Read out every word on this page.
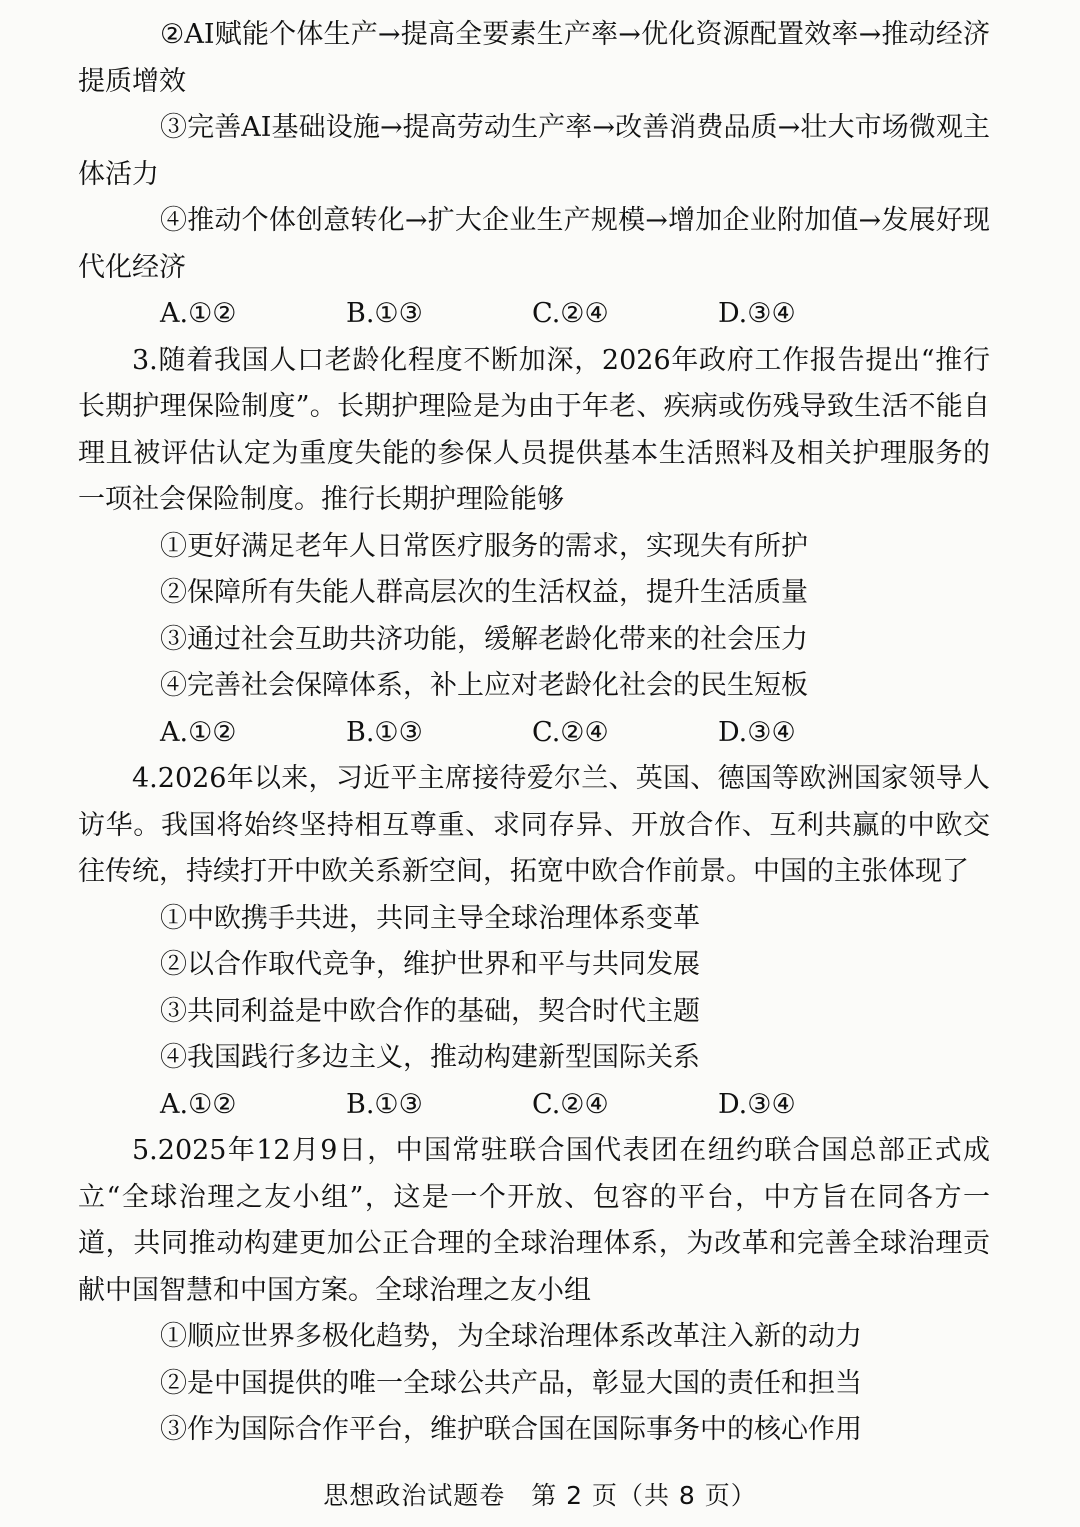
②AI赋能个体生产→提高全要素生产率→优化资源配置效率→推动经济提质增效

③完善AI基础设施→提高劳动生产率→改善消费品质→壮大市场微观主体活力

④推动个体创意转化→扩大企业生产规模→增加企业附加值→发展好现代化经济

A.①②	B.①③	C.②④	D.③④

3.随着我国人口老龄化程度不断加深，2026年政府工作报告提出“推行长期护理保险制度”。长期护理险是为由于年老、疾病或伤残导致生活不能自理且被评估认定为重度失能的参保人员提供基本生活照料及相关护理服务的一项社会保险制度。推行长期护理险能够

①更好满足老年人日常医疗服务的需求，实现失有所护

②保障所有失能人群高层次的生活权益，提升生活质量

③通过社会互助共济功能，缓解老龄化带来的社会压力

④完善社会保障体系，补上应对老龄化社会的民生短板

A.①②	B.①③	C.②④	D.③④

4.2026年以来，习近平主席接待爱尔兰、英国、德国等欧洲国家领导人访华。我国将始终坚持相互尊重、求同存异、开放合作、互利共赢的中欧交往传统，持续打开中欧关系新空间，拓宽中欧合作前景。中国的主张体现了

①中欧携手共进，共同主导全球治理体系变革

②以合作取代竞争，维护世界和平与共同发展

③共同利益是中欧合作的基础，契合时代主题

④我国践行多边主义，推动构建新型国际关系

A.①②	B.①③	C.②④	D.③④

5.2025年12月9日，中国常驻联合国代表团在纽约联合国总部正式成立“全球治理之友小组”，这是一个开放、包容的平台，中方旨在同各方一道，共同推动构建更加公正合理的全球治理体系，为改革和完善全球治理贡献中国智慧和中国方案。全球治理之友小组

①顺应世界多极化趋势，为全球治理体系改革注入新的动力

②是中国提供的唯一全球公共产品，彰显大国的责任和担当

③作为国际合作平台，维护联合国在国际事务中的核心作用

思想政治试题卷　第 2 页（共 8 页）
